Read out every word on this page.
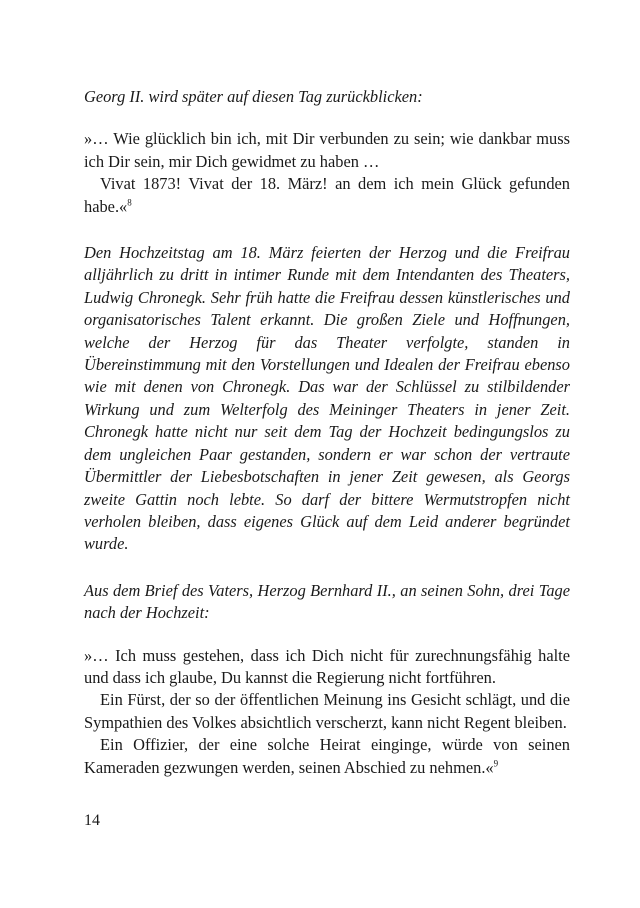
Georg II. wird später auf diesen Tag zurückblicken:

»… Wie glücklich bin ich, mit Dir verbunden zu sein; wie dankbar muss ich Dir sein, mir Dich gewidmet zu haben …

Vivat 1873! Vivat der 18. März! an dem ich mein Glück gefunden habe.«$^8$

Den Hochzeitstag am 18. März feierten der Herzog und die Freifrau alljährlich zu dritt in intimer Runde mit dem Intendanten des Theaters, Ludwig Chronegk. Sehr früh hatte die Freifrau dessen künstlerisches und organisatorisches Talent erkannt. Die großen Ziele und Hoffnungen, welche der Herzog für das Theater verfolgte, standen in Übereinstimmung mit den Vorstellungen und Idealen der Freifrau ebenso wie mit denen von Chronegk. Das war der Schlüssel zu stilbildender Wirkung und zum Welterfolg des Meininger Theaters in jener Zeit. Chronegk hatte nicht nur seit dem Tag der Hochzeit bedingungslos zu dem ungleichen Paar gestanden, sondern er war schon der vertraute Übermittler der Liebesbotschaften in jener Zeit gewesen, als Georgs zweite Gattin noch lebte. So darf der bittere Wermutstropfen nicht verholen bleiben, dass eigenes Glück auf dem Leid anderer begründet wurde.

Aus dem Brief des Vaters, Herzog Bernhard II., an seinen Sohn, drei Tage nach der Hochzeit:

»… Ich muss gestehen, dass ich Dich nicht für zurechnungsfähig halte und dass ich glaube, Du kannst die Regierung nicht fortführen.

Ein Fürst, der so der öffentlichen Meinung ins Gesicht schlägt, und die Sympathien des Volkes absichtlich verscherzt, kann nicht Regent bleiben.

Ein Offizier, der eine solche Heirat einginge, würde von seinen Kameraden gezwungen werden, seinen Abschied zu nehmen.«$^9$

14
